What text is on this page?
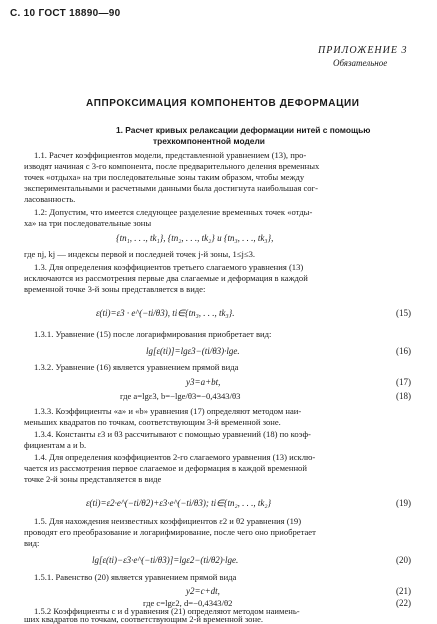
С. 10 ГОСТ 18890—90
ПРИЛОЖЕНИЕ 3
Обязательное
АППРОКСИМАЦИЯ КОМПОНЕНТОВ ДЕФОРМАЦИИ
1. Расчет кривых релаксации деформации нитей с помощью
трехкомпонентной модели
1.1. Расчет коэффициентов модели, представленной уравнением (13), про-
изводят начиная с 3-го компонента, после предварительного деления временных
точек «отдыха» на три последовательные зоны таким образом, чтобы между
экспериментальными и расчетными данными была достигнута наибольшая сог-
ласованность.
1.2: Допустим, что имеется следующее разделение временных точек «отды-
ха» на три последовательные зоны
{tn₁, . . ., tk₁}, {tn₂, . . ., tk₂} и {tn₃, . . ., tk₃},
где nj, kj — индексы первой и последней точек j-й зоны, 1≤j≤3.
1.3. Для определения коэффициентов третьего слагаемого уравнения (13)
исключаются из рассмотрения первые два слагаемые и деформация в каждой
временной точке 3-й зоны представляется в виде:
ε(ti)=ε3 · e^(−ti/θ3), ti∈{tn₃, . . ., tk₃}.	(15)
1.3.1. Уравнение (15) после логарифмирования приобретает вид:
lg[ε(ti)]=lgε3−(ti/θ3)·lge.	(16)
1.3.2. Уравнение (16) является уравнением прямой вида
y3=a+bt,	(17)
где a=lgε3, b=−lge/θ3=−0,4343/θ3	(18)
1.3.3. Коэффициенты «a» и «b» уравнения (17) определяют методом наи-
меньших квадратов по точкам, соответствующим 3-й временной зоне.
1.3.4. Константы ε3 и θ3 рассчитывают с помощью уравнений (18) по коэф-
фициентам a и b.
1.4. Для определения коэффициентов 2-го слагаемого уравнения (13) исклю-
чается из рассмотрения первое слагаемое и деформация в каждой временной
точке 2-й зоны представляется в виде
ε(ti)=ε2·e^(−ti/θ2)+ε3·e^(−ti/θ3); ti∈{tn₂, . . ., tk₂}	(19)
1.5. Для нахождения неизвестных коэффициентов ε2 и θ2 уравнения (19)
проводят его преобразование и логарифмирование, после чего оно приобретает
вид:
lg[ε(ti)−ε3·e^(−ti/θ3)]=lgε2−(ti/θ2)·lge.	(20)
1.5.1. Равенство (20) является уравнением прямой вида
y2=c+dt,	(21)
где c=lgε2, d=−0,4343/θ2	(22)
1.5.2 Коэффициенты c и d уравнения (21) определяют методом наимень-
ших квадратов по точкам, соответствующим 2-й временной зоне.
